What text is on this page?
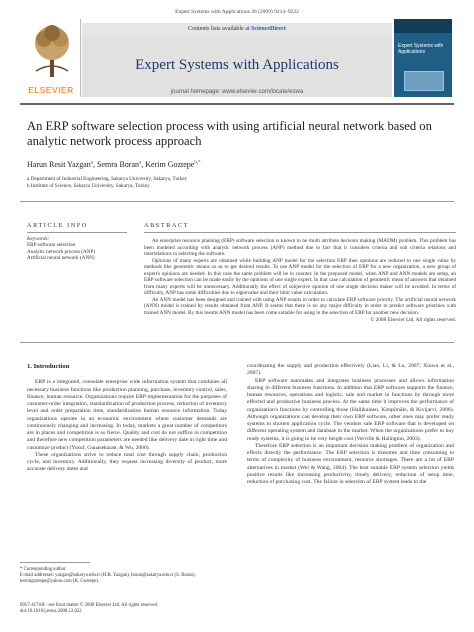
Expert Systems with Applications 36 (2009) 9214–9222
ELSEVIER
Contents lists available at ScienceDirect
Expert Systems with Applications
journal homepage: www.elsevier.com/locate/eswa
Expert Systems with Applications
An ERP software selection process with using artificial neural network based on analytic network process approach
Harun Resit Yazgan$^a$, Semra Boran$^a$, Kerim Goztepe$^{b,*}$
a Department of Industrial Engineering, Sakarya University, Sakarya, Turkey
b Institute of Science, Sakarya University, Sakarya, Turkey
ARTICLE INFO
Keywords:
ERP software selection
Analytic network process (ANP)
Artificial neural network (ANN)
ABSTRACT

An enterprise resource planning (ERP) software selection is known to be multi attribute decision making (MADM) problem. This problem has been modeled according with analytic network process (ANP) method due to fact that it considers criteria and sub criteria relations and interrelations in selecting the software.

Opinions of many experts are obtained while building ANP model for the selection ERP then opinions are reduced to one single value by methods like geometric means so as to get desired results. To use ANP model for the selection of ERP for a new organization, a new group of expert's opinions are needed. In this case the same problem will be in counter. In the proposed model, when ANP and ANN models are setup, an ERP software selection can be made easily by the opinions of one single expert. In that case calculation of geometric mean of answers that obtained from many experts will be unnecessary. Additionally the effect of subjective opinion of one single decision maker will be avoided. In terms of difficulty, ANP has some difficulties due to eigenvalue and their limit value calculation.

An ANN model has been designed and trained with using ANP results in order to calculate ERP software priority. The artificial neural network (ANN) model is trained by results obtained from ANP. It seems that there is no any major difficulty in order to predict software priorities with trained ANN model. By this results ANN model has been come suitable for using in the selection of ERP for another new decision.

© 2008 Elsevier Ltd. All rights reserved.
1. Introduction

ERP is a integrated, consulate enterprise wide information system that combines all necessary business functions like production planning, purchase, inventory control, sales, finance, human resource. Organizations require ERP implementation for the purposes of customer-order integration, standardization of production process, reduction of inventory level and order preparation time, standardization human resource information. Today organizations operate in an economic environment where customer demands are continuously changing and increasing. In today, markets a great number of competitors are in places and competition is so fierce. Quality and cost do not suffice in competition and therefore new competition parameters are needed like delivery date in right time and customize product (Yusuf, Gunasekaran, & Wu, 2006).

These organizations strive to reduce total cost through supply chain, production cycle, and inventory. Additionally, they request increasing diversity of product, more accurate delivery dates and

coordinating the supply and production effectively (Liao, Li, & Lu, 2007; Xiuwu et al., 2007).

ERP software automates and integrates business processes and allows information sharing in different business functions. In addition that ERP software supports the finance, human resources, operations and logistic, sale and market in functions by through more effected and productive business process. At the same time it improves the performance of organization's functions by controlling those (Hallikainen, Kimpimäki, & Kivijarvi, 2006). Although organizations can develop their own ERP software, other ones may prefer ready systems to shorten application cycle. The vendors sale ERP software that is developed on different operating system and database in the market. When the organizations prefer to buy ready systems, it is going to be very height cost (Verville & Halington, 2003).

Therefore ERP selection is an important decision making problem of organization and effects directly the performance. The ERP selection is tiresome and time consuming in terms of complexity of business environment, resource shortages. There are a lot of ERP alternatives in market (Wei & Wang, 2004). The best suitable ERP system selection yields positive results like increasing productivity, timely delivery, reduction of setup time, reduction of purchasing cost. The failure in selection of ERP system leads to the

* Corresponding author.
E-mail addresses: yazgan@sakarya.edu.tr (H.R. Yazgan), boran@sakarya.edu.tr (S. Boran), kerimgoztepe@yahoo.com (K. Goztepe).
0957-4174/$ - see front matter © 2008 Elsevier Ltd. All rights reserved.
doi:10.1016/j.eswa.2008.12.022
